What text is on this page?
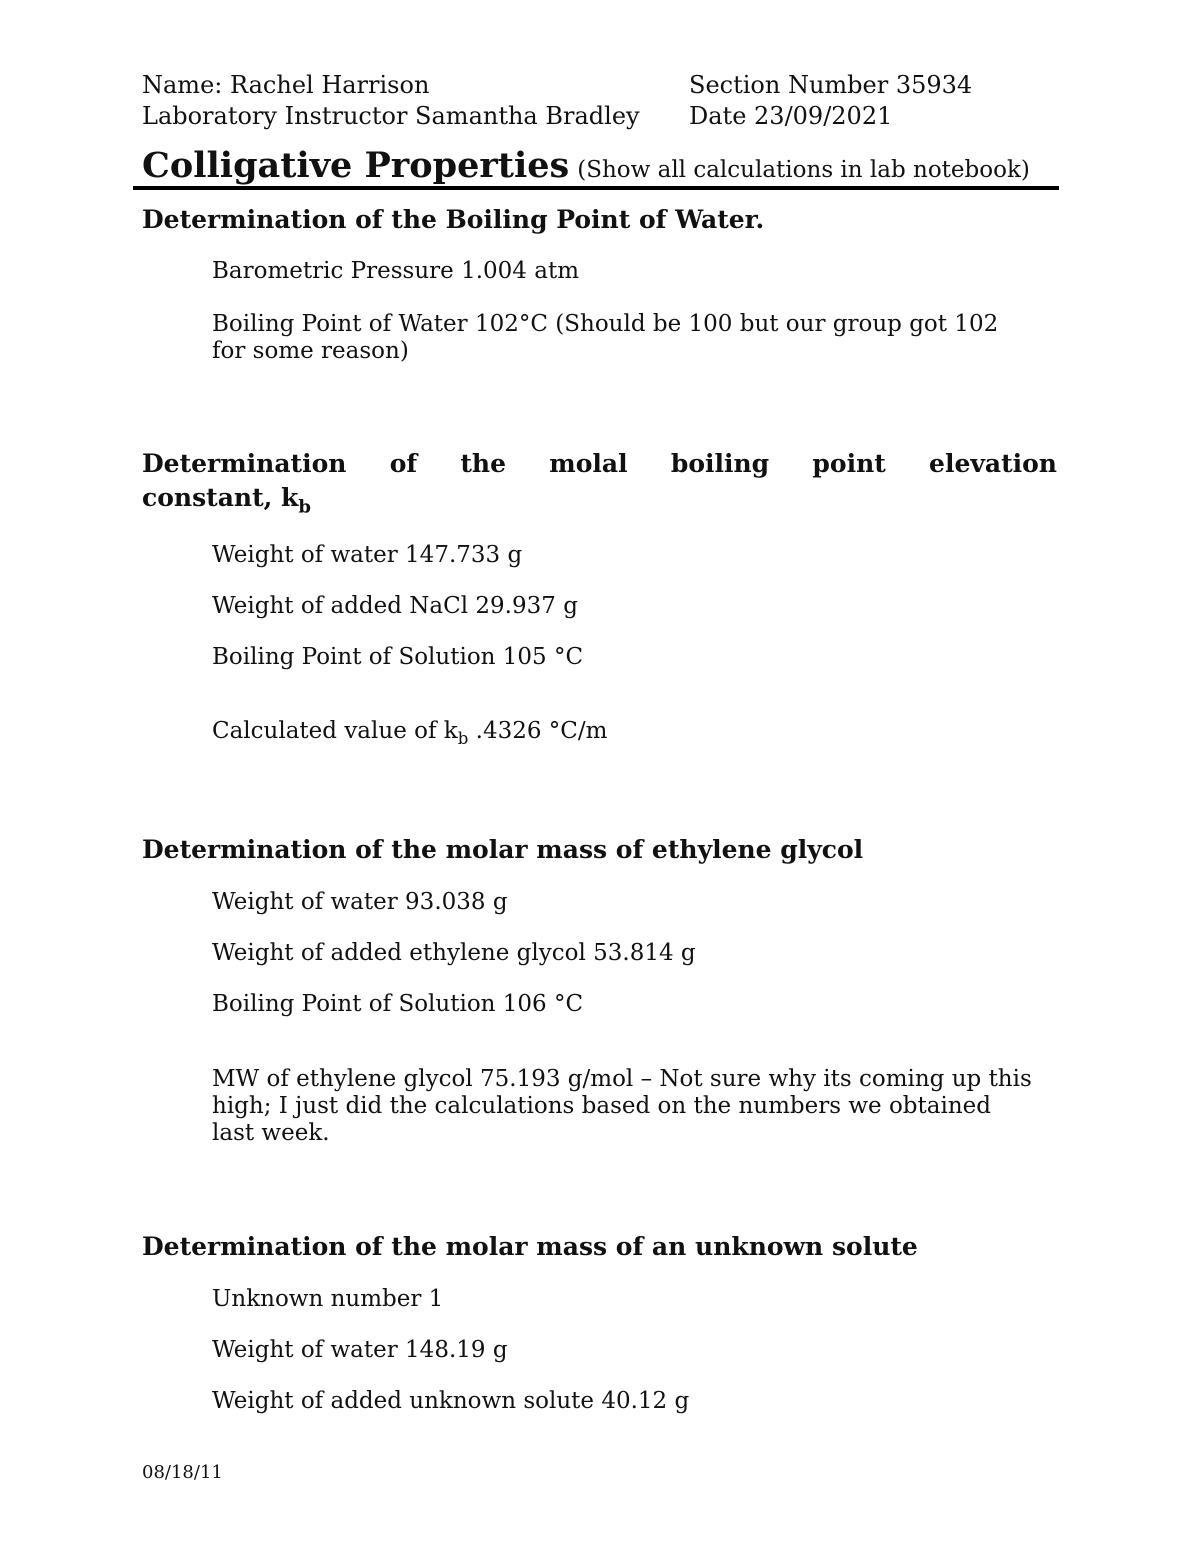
Name: Rachel Harrison	Section Number 35934
Laboratory Instructor Samantha Bradley Date 23/09/2021
Colligative Properties (Show all calculations in lab notebook)
Determination of the Boiling Point of Water.
Barometric Pressure 1.004 atm
Boiling Point of Water 102°C (Should be 100 but our group got 102
for some reason)
Determination of the molal boiling point elevation
constant, $k_b$
Weight of water 147.733 g
Weight of added NaCl 29.937 g
Boiling Point of Solution 105 °C
Calculated value of $k_b$ .4326 °C/m
Determination of the molar mass of ethylene glycol
Weight of water 93.038 g
Weight of added ethylene glycol 53.814 g
Boiling Point of Solution 106 °C
MW of ethylene glycol 75.193 g/mol – Not sure why its coming up this
high; I just did the calculations based on the numbers we obtained
last week.
Determination of the molar mass of an unknown solute
Unknown number 1
Weight of water 148.19 g
Weight of added unknown solute 40.12 g
08/18/11
